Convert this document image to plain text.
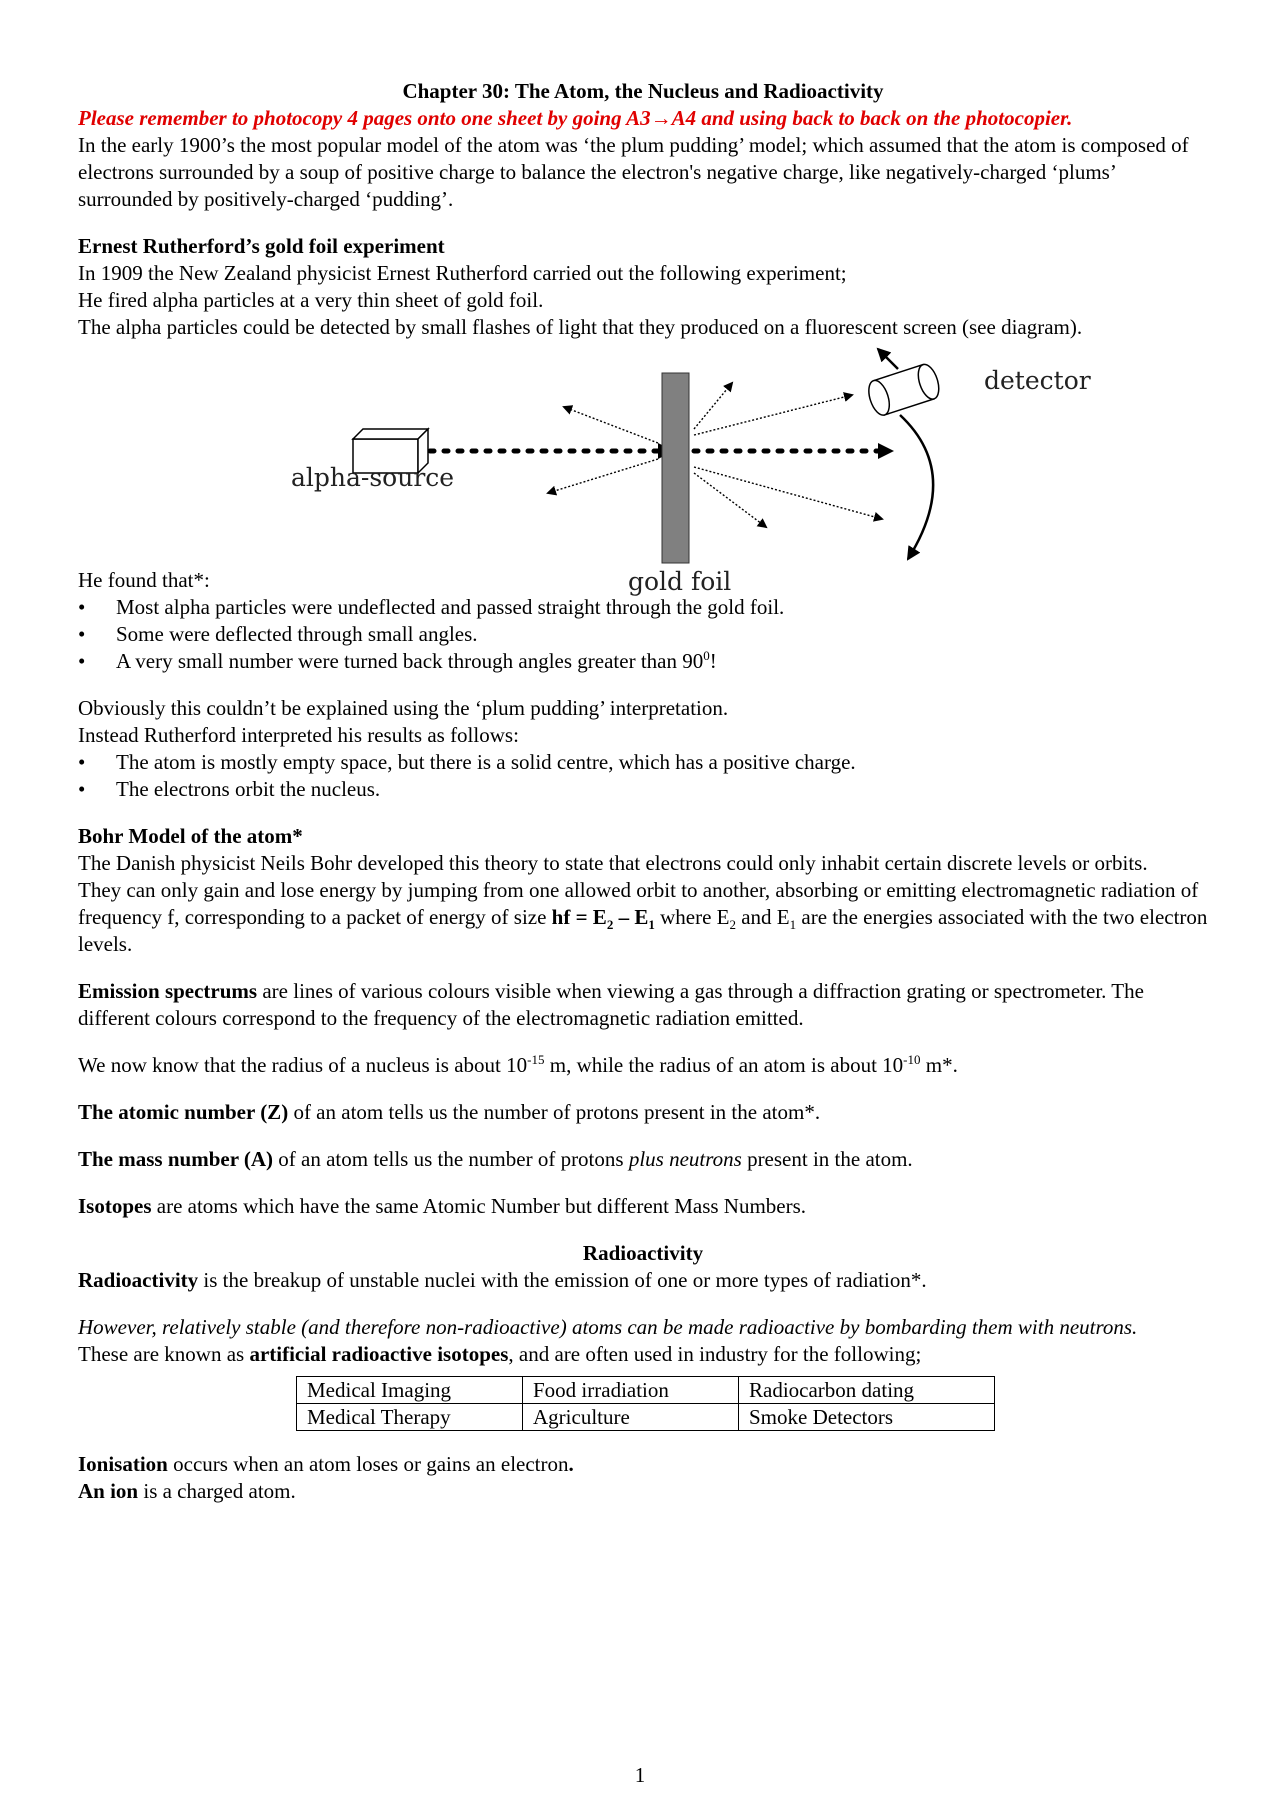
Chapter 30: The Atom, the Nucleus and Radioactivity

Please remember to photocopy 4 pages onto one sheet by going A3→A4 and using back to back on the photocopier.

In the early 1900’s the most popular model of the atom was ‘the plum pudding’ model; which assumed that the atom is composed of electrons surrounded by a soup of positive charge to balance the electron's negative charge, like negatively-charged ‘plums’ surrounded by positively-charged ‘pudding’.

Ernest Rutherford’s gold foil experiment

In 1909 the New Zealand physicist Ernest Rutherford carried out the following experiment;

He fired alpha particles at a very thin sheet of gold foil.

The alpha particles could be detected by small flashes of light that they produced on a fluorescent screen (see diagram).

alpha-source
detector
gold foil

He found that*:

• Most alpha particles were undeflected and passed straight through the gold foil.
• Some were deflected through small angles.
• A very small number were turned back through angles greater than $90^0$!

Obviously this couldn’t be explained using the ‘plum pudding’ interpretation.

Instead Rutherford interpreted his results as follows:

• The atom is mostly empty space, but there is a solid centre, which has a positive charge.
• The electrons orbit the nucleus.

Bohr Model of the atom*

The Danish physicist Neils Bohr developed this theory to state that electrons could only inhabit certain discrete levels or orbits.

They can only gain and lose energy by jumping from one allowed orbit to another, absorbing or emitting electromagnetic radiation of frequency f, corresponding to a packet of energy of size hf = $E_2 - E_1$ where $E_2$ and $E_1$ are the energies associated with the two electron levels.

Emission spectrums are lines of various colours visible when viewing a gas through a diffraction grating or spectrometer. The different colours correspond to the frequency of the electromagnetic radiation emitted.

We now know that the radius of a nucleus is about $10^{-15}$ m, while the radius of an atom is about $10^{-10}$ m*.

The atomic number (Z) of an atom tells us the number of protons present in the atom*.

The mass number (A) of an atom tells us the number of protons plus neutrons present in the atom.

Isotopes are atoms which have the same Atomic Number but different Mass Numbers.

Radioactivity

Radioactivity is the breakup of unstable nuclei with the emission of one or more types of radiation*.

However, relatively stable (and therefore non-radioactive) atoms can be made radioactive by bombarding them with neutrons.

These are known as artificial radioactive isotopes, and are often used in industry for the following;

Medical Imaging	Food irradiation	Radiocarbon dating
Medical Therapy	Agriculture	Smoke Detectors

Ionisation occurs when an atom loses or gains an electron.

An ion is a charged atom.

1
